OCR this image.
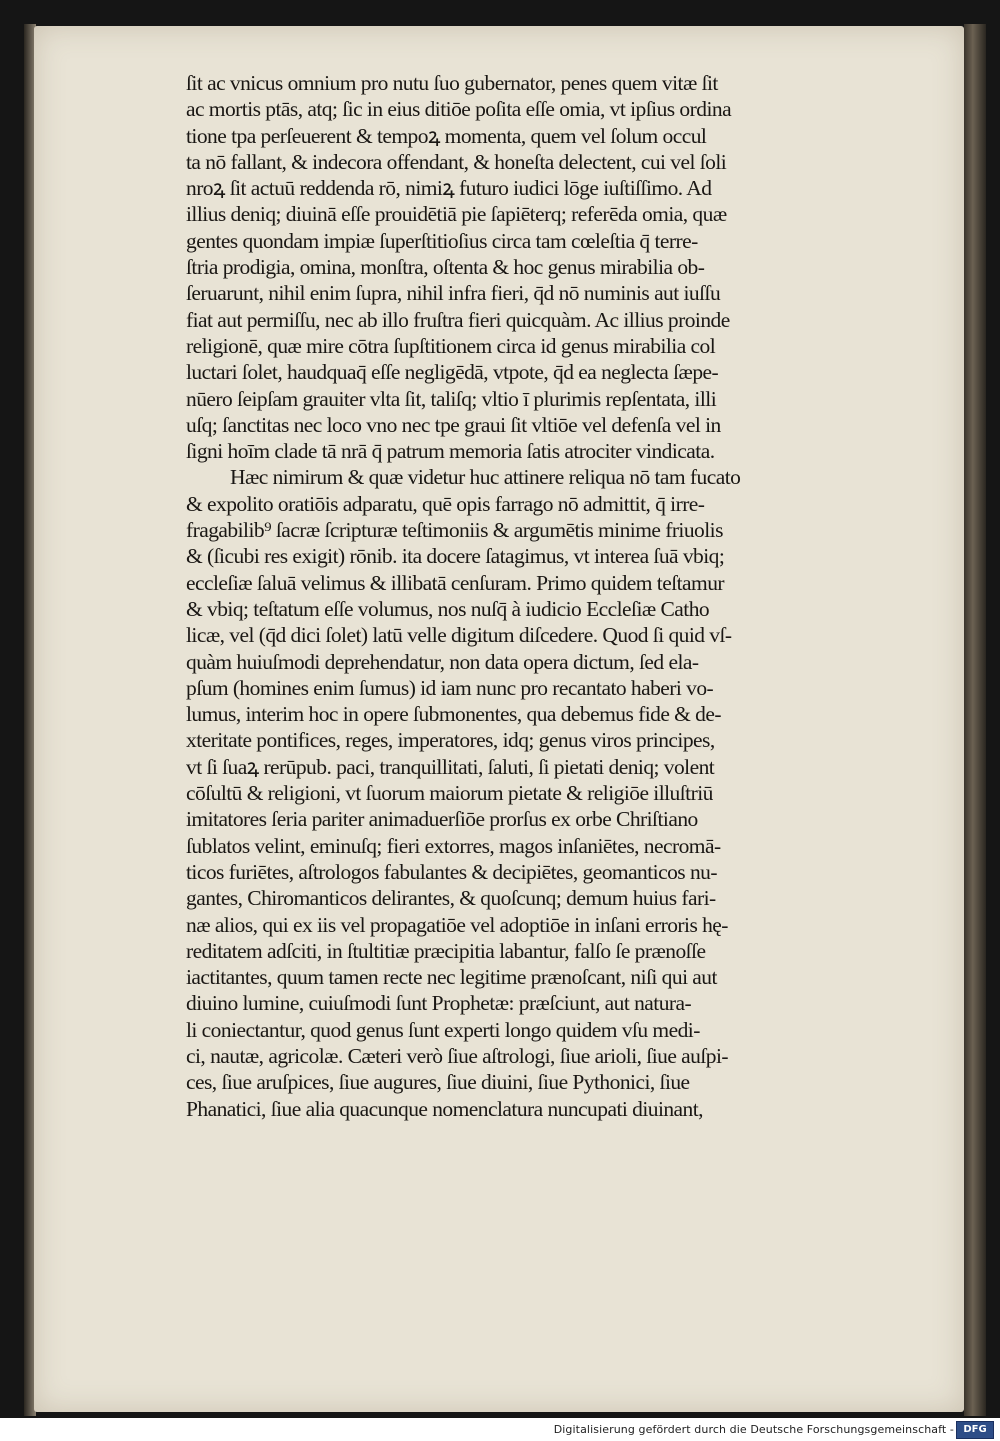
ſit ac vnicus omnium pro nutu ſuo gubernator, penes quem vitæ ſit
ac mortis ptās, atq; ſic in eius ditiōe poſita eſſe omia, vt ipſius ordina
tione tpa perſeuerent & tempoꝝ momenta, quem vel ſolum occul
ta nō fallant, & indecora offendant, & honeſta delectent, cui vel ſoli
nroꝝ ſit actuū reddenda rō, nimiꝝ futuro iudici lōge iuſtiſſimo. Ad
illius deniq; diuinā eſſe prouidētiā pie ſapiēterq; referēda omia, quæ
gentes quondam impiæ ſuperſtitioſius circa tam cœleſtia q̄ terre-
ſtria prodigia, omina, monſtra, oſtenta & hoc genus mirabilia ob-
ſeruarunt, nihil enim ſupra, nihil infra fieri, q̄d nō numinis aut iuſſu
fiat aut permiſſu, nec ab illo fruſtra fieri quicquàm. Ac illius proinde
religionē, quæ mire cōtra ſupſtitionem circa id genus mirabilia col
luctari ſolet, haudquaq̄ eſſe negligēdā, vtpote, q̄d ea neglecta ſæpe-
nūero ſeipſam grauiter vlta ſit, taliſq; vltio ī plurimis repſentata, illi
uſq; ſanctitas nec loco vno nec tpe graui ſit vltiōe vel defenſa vel in
ſigni hoīm clade tā nrā q̄ patrum memoria ſatis atrociter vindicata.
Hæc nimirum & quæ videtur huc attinere reliqua nō tam fucato
& expolito oratiōis adparatu, quē opis farrago nō admittit, q̄ irre-
fragabilib⁹ ſacræ ſcripturæ teſtimoniis & argumētis minime friuolis
& (ſicubi res exigit) rōnib. ita docere ſatagimus, vt interea ſuā vbiq;
eccleſiæ ſaluā velimus & illibatā cenſuram. Primo quidem teſtamur
& vbiq; teſtatum eſſe volumus, nos nuſq̄ à iudicio Eccleſiæ Catho
licæ, vel (q̄d dici ſolet) latū velle digitum diſcedere. Quod ſi quid vſ-
quàm huiuſmodi deprehendatur, non data opera dictum, ſed ela-
pſum (homines enim ſumus) id iam nunc pro recantato haberi vo-
lumus, interim hoc in opere ſubmonentes, qua debemus fide & de-
xteritate pontifices, reges, imperatores, idq; genus viros principes,
vt ſi ſuaꝝ rerūpub. paci, tranquillitati, ſaluti, ſi pietati deniq; volent
cōſultū & religioni, vt ſuorum maiorum pietate & religiōe illuſtriū
imitatores ſeria pariter animaduerſiōe prorſus ex orbe Chriſtiano
ſublatos velint, eminuſq; fieri extorres, magos inſaniētes, necromā-
ticos furiētes, aſtrologos fabulantes & decipiētes, geomanticos nu-
gantes, Chiromanticos delirantes, & quoſcunq; demum huius fari-
næ alios, qui ex iis vel propagatiōe vel adoptiōe in inſani erroris hę-
reditatem adſciti, in ſtultitiæ præcipitia labantur, falſo ſe prænoſſe
iactitantes, quum tamen recte nec legitime prænoſcant, niſi qui aut
diuino lumine, cuiuſmodi ſunt Prophetæ: præſciunt, aut natura-
li coniectantur, quod genus ſunt experti longo quidem vſu medi-
ci, nautæ, agricolæ. Cæteri verò ſiue aſtrologi, ſiue arioli, ſiue auſpi-
ces, ſiue aruſpices, ſiue augures, ſiue diuini, ſiue Pythonici, ſiue
Phanatici, ſiue alia quacunque nomenclatura nuncupati diuinant,
Digitalisierung gefördert durch die Deutsche Forschungsgemeinschaft - DFG
